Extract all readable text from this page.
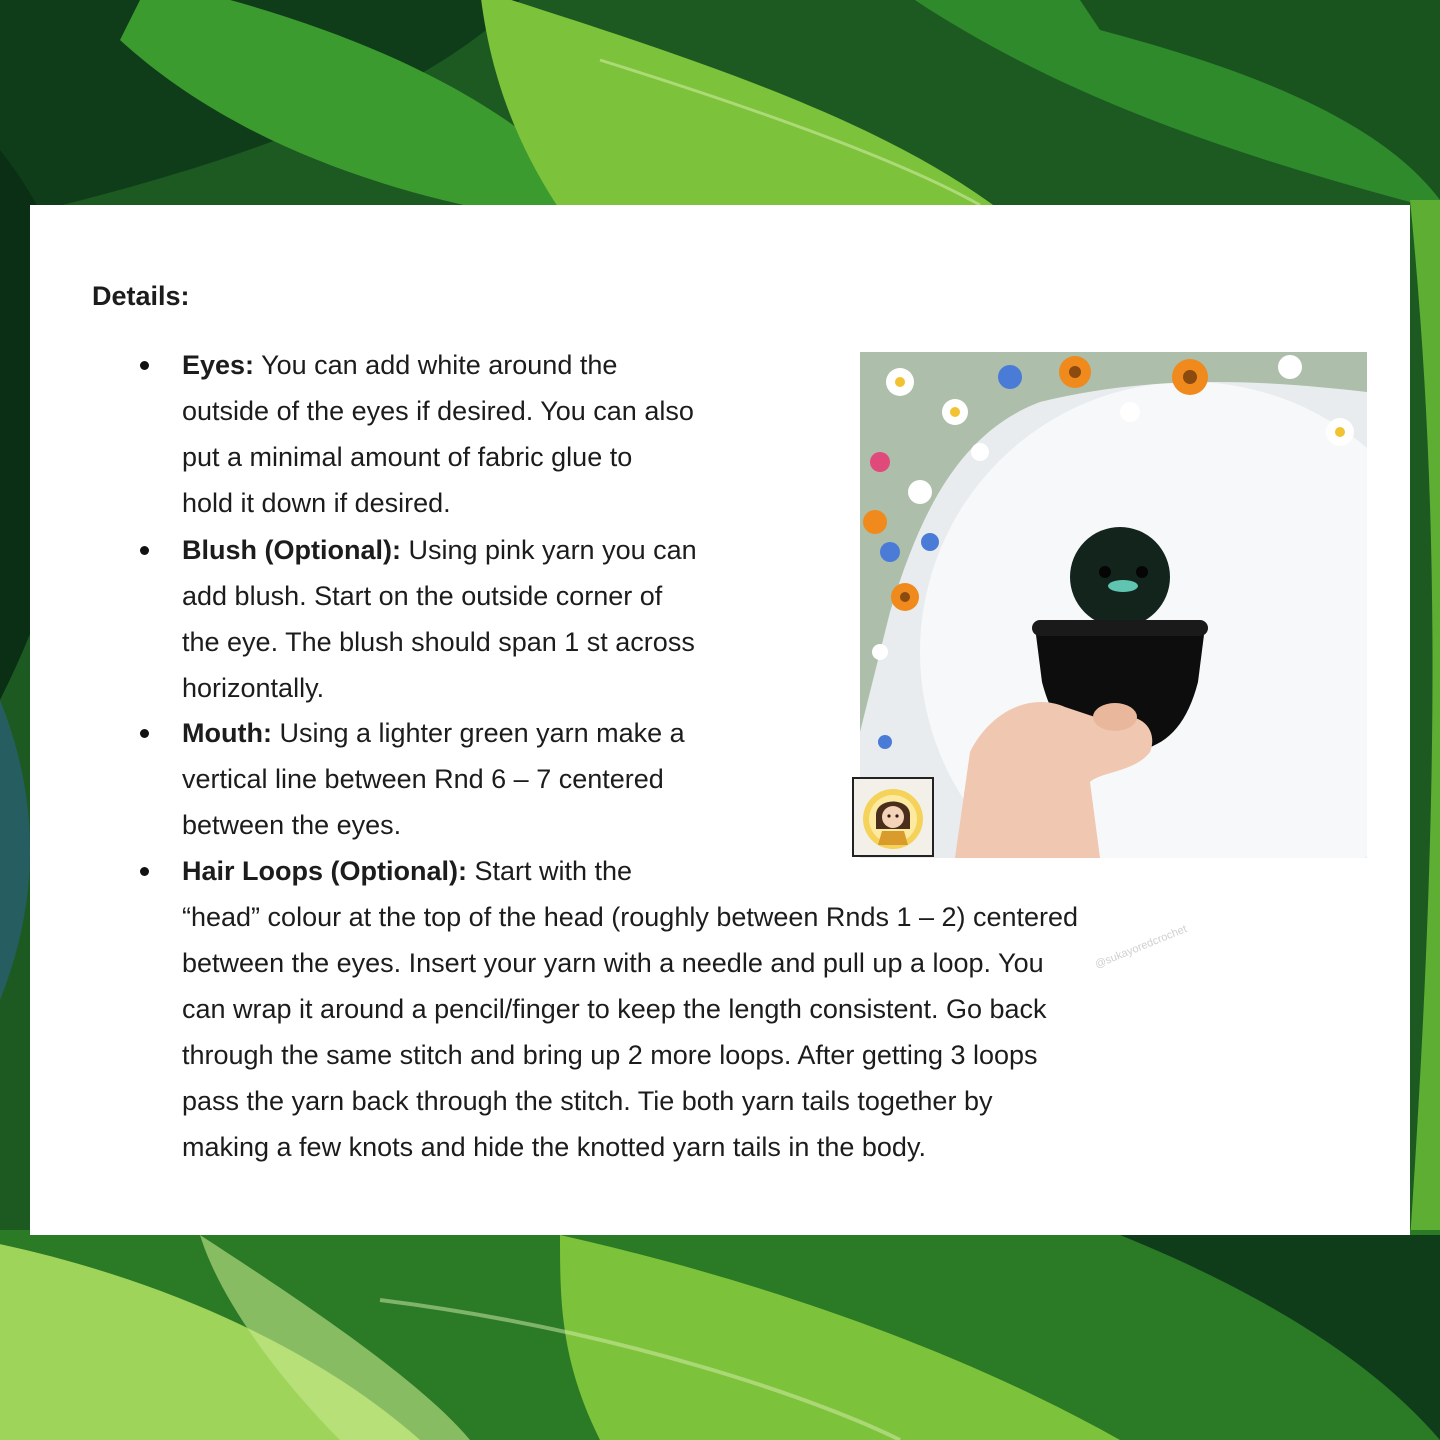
Details:
Eyes: You can add white around the
outside of the eyes if desired. You can also
put a minimal amount of fabric glue to
hold it down if desired.
Blush (Optional): Using pink yarn you can
add blush. Start on the outside corner of
the eye. The blush should span 1 st across
horizontally.
Mouth: Using a lighter green yarn make a
vertical line between Rnd 6 – 7 centered
between the eyes.
Hair Loops (Optional): Start with the
“head” colour at the top of the head (roughly between Rnds 1 – 2) centered
between the eyes. Insert your yarn with a needle and pull up a loop. You
can wrap it around a pencil/finger to keep the length consistent. Go back
through the same stitch and bring up 2 more loops. After getting 3 loops
pass the yarn back through the stitch. Tie both yarn tails together by
making a few knots and hide the knotted yarn tails in the body.
@sukayoredcrochet
